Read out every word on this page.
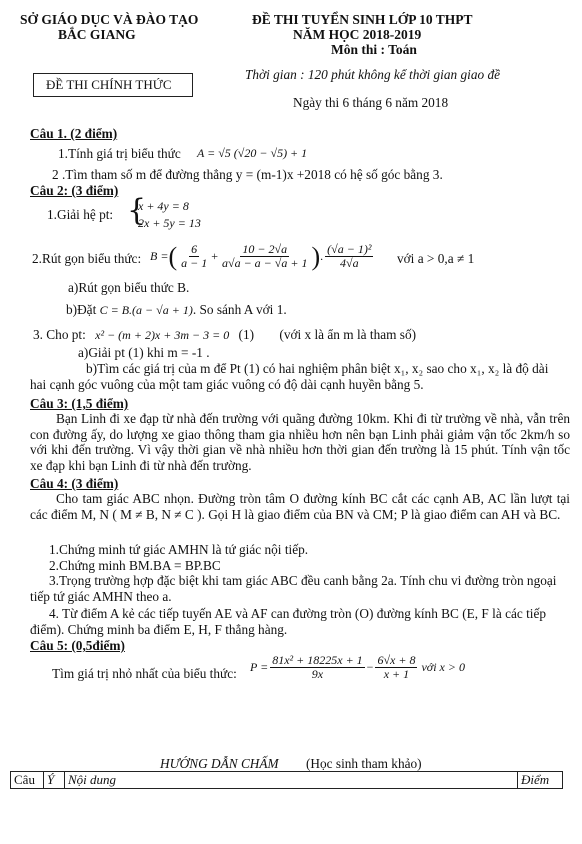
SỞ GIÁO DỤC VÀ ĐÀO TẠO
BẮC GIANG
ĐỀ THI TUYỂN SINH LỚP 10 THPT
NĂM HỌC 2018-2019
Môn thi : Toán
ĐỀ THI CHÍNH THỨC
Thời gian : 120 phút không kể thời gian giao đề
Ngày thi 6 tháng 6 năm 2018
Câu 1. (2 điểm)
1.Tính giá trị biểu thức A = √5 (√20 − √5) + 1
2 .Tìm tham số m để đường thẳng y = (m-1)x +2018 có hệ số góc bằng 3.
Câu 2: (3 điểm)
1.Giải hệ pt: {
x + 4y = 8
2x + 5y = 13
2.Rút gọn biểu thức: B = ( $\frac{6}{a - 1} + \frac{10 - 2√a}{a√a - a - √a + 1}$ ) . $\frac{\text{(√a − 1)²}}{4√a}$ với a > 0,a ≠ 1
a)Rút gọn biểu thức B.
b)Đặt C = B.(a − √a + 1). So sánh A với 1.
3. Cho pt: x² − (m + 2)x + 3m − 3 = 0 (1) (với x là ẩn m là tham số)
a)Giải pt (1) khi m = -1 .
b)Tìm các giá trị của m để Pt (1) có hai nghiệm phân biệt x₁, x₂ sao cho x₁, x₂ là độ dài hai cạnh góc vuông của một tam giác vuông có độ dài cạnh huyền bằng 5.
Câu 3: (1,5 điểm)
Bạn Linh đi xe đạp từ nhà đến trường với quãng đường 10km. Khi đi từ trường về nhà, vẫn trên con đường ấy, do lượng xe giao thông tham gia nhiều hơn nên bạn Linh phải giảm vận tốc 2km/h so với khi đến trường. Vì vậy thời gian về nhà nhiều hơn thời gian đến trường là 15 phút. Tính vận tốc xe đạp khi bạn Linh đi từ nhà đến trường.
Câu 4: (3 điểm)
Cho tam giác ABC nhọn. Đường tròn tâm O đường kính BC cắt các cạnh AB, AC lần lượt tại các điểm M, N ( M ≠ B, N ≠ C ). Gọi H là giao điểm của BN và CM; P là giao điểm can AH và BC.
1.Chứng minh tứ giác AMHN là tứ giác nội tiếp.
2.Chứng minh BM.BA = BP.BC
3.Trọng trường hợp đặc biệt khi tam giác ABC đều canh bằng 2a. Tính chu vi đường tròn ngoại tiếp tứ giác AMHN theo a.
4. Từ điểm A kẻ các tiếp tuyến AE và AF can đường tròn (O) đường kính BC (E, F là các tiếp điểm). Chứng minh ba điểm E, H, F thẳng hàng.
Câu 5: (0,5điểm)
Tìm giá trị nhỏ nhất của biểu thức: $P = \frac{\text{81x² + 18225x + 1}}{9x} - \frac{6√x + 8}{x + 1}$ với x > 0
HƯỚNG DẪN CHẤM (Học sinh tham khảo)
Câu	Ý	Nội dung	Điểm
